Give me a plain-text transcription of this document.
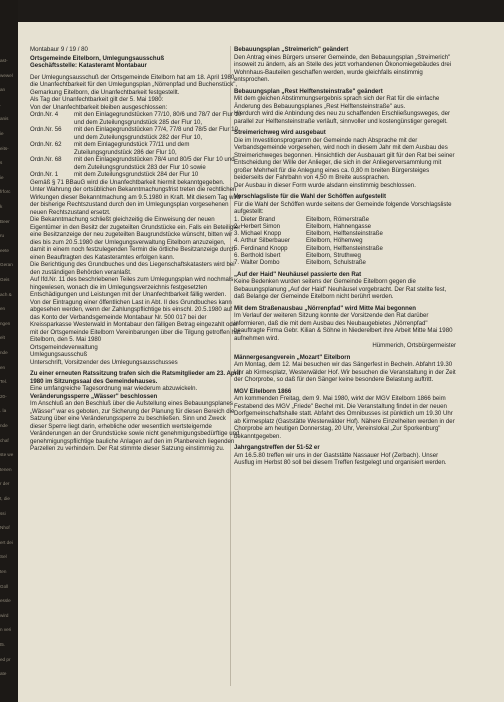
ast-
wewel
an
.
anis
ie
eits-
s
ie
frforc
k
Beer
ru
eete
Geran
Geis
ach &
en
ngen
elt
nde
en
Tel.
20-
. la
nde
chaf
ste we
tenen
r der
t, die
ssi
Nhof
ert dei
Sel
ten
Goll
essle
wird
n veri
t5.
ed pr
ate
Montabaur 9 / 19 / 80
Ortsgemeinde Eitelborn, Umlegungsausschuß
Geschäftsstelle: Katasteramt Montabaur

Der Umlegungsausschuß der Ortsgemeinde Eitelborn hat am 18. April 1980 die Unanfechtbarkeit für den Umlegungsplan „Nörrenpfad und Buchenstück", Gemarkung Eitelborn, die Unanfechtbarkeit festgestellt.

Als Tag der Unanfechtbarkeit gilt der 5. Mai 1980:

Von der Unanfechtbarkeit bleiben ausgeschlossen:

Ordn.Nr. 4	mit den Einlagegrundstücken 77/10, 80/6 und 78/7 der Flur 10 und dem Zuteilungsgrundstück 285 der Flur 10,

Ordn.Nr. 56 mit den Einlagegrundstücken 77/4, 77/8 und 78/5 der Flur 10 und dem Zuteilungsgrundstück 282 der Flur 10,

Ordn.Nr. 62 mit dem Einlagegrundstück 77/11 und dem Zuteilungsgrundstück 286 der Flur 10,

Ordn.Nr. 68 mit den Einlagegrundstücken 78/4 und 80/5 der Flur 10 und dem Zuteilungsgrundstück 283 der Flur 10 sowie

Ordn.Nr. 1	mit dem Zuteilungsgrundstück 284 der Flur 10

Gemäß § 71 BBauG wird die Unanfechtbarkeit hiermit bekanntgegeben.

Unter Wahrung der ortsüblichen Bekanntmachungsfrist treten die rechtlichen Wirkungen dieser Bekanntmachung am 9.5.1980 in Kraft. Mit diesem Tag wird der bisherige Rechtszustand durch den im Umlegungsplan vorgesehenen neuen Rechtszustand ersetzt.

Die Bekanntmachung schließt gleichzeitig die Einweisung der neuen Eigentümer in den Besitz der zugeteilten Grundstücke ein. Falls ein Beteiligter eine Besitzanzeige der neu zugeteilten Baugrundstücke wünscht, bitten wir dies bis zum 20.5.1980 der Umlegungsverwaltung Eitelborn anzuzeigen, damit in einem noch festzulegenden Termin die örtliche Besitzanzeige durch einen Beauftragten des Katasteramtes erfolgen kann.

Die Berichtigung des Grundbuches und des Liegenschaftskatasters wird bei den zuständigen Behörden veranlaßt.

Auf Ifd.Nr. 11 des beschriebenen Teiles zum Umlegungsplan wird nochmals hingewiesen, wonach die im Umlegungsverzeichnis festgesetzten Entschädigungen und Leistungen mit der Unanfechtbarkeit fällig werden.

Von der Eintragung einer öffentlichen Last in Abt. II des Grundbuches kann abgesehen werden, wenn der Zahlungspflichtige bis einschl. 20.5.1980 auf das Konto der Verbandsgemeinde Montabaur Nr. 500 017 bei der Kreissparkasse Westerwald in Montabaur den fälligen Betrag eingezahlt oder mit der Ortsgemeinde Eitelborn Vereinbarungen über die Tilgung getroffen hat.

Eitelborn, den 5. Mai 1980
Ortsgemeindeverwaltung
Umlegungsausschuß
Unterschrift, Vorsitzender des Umlegungsausschusses
Zu einer erneuten Ratssitzung trafen sich die Ratsmitglieder am 23. April 1980 im Sitzungssaal des Gemeindehauses.

Eine umfangreiche Tagesordnung war wiederum abzuwickeln.

Veränderungssperre „Wässer" beschlossen

Im Anschluß an den Beschluß über die Aufstellung eines Bebauungsplanes „Wässer" war es geboten, zur Sicherung der Planung für diesen Bereich die Satzung über eine Veränderungssperre zu beschließen. Sinn und Zweck dieser Sperre liegt darin, erhebliche oder wesentlich wertsteigernde Veränderungen an der Grundstücke sowie nicht genehmigungsbedürftige und genehmigungspflichtige bauliche Anlagen auf den im Planbereich liegenden Parzellen zu verhindern. Der Rat stimmte dieser Satzung einstimmig zu.

Bebauungsplan „Streimerich" geändert

Den Antrag eines Bürgers unserer Gemeinde, den Bebauungsplan „Streimerich" insoweit zu ändern, als an Stelle des jetzt vorhandenen Ökonomiegebäudes drei Wohnhaus-Bauteilen geschaffen werden, wurde gleichfalls einstimmig entsprochen.

Bebauungsplan „Rest Helftensteinstraße" geändert

Mit dem gleichen Abstimmungsergebnis sprach sich der Rat für die einfache Änderung des Bebauungsplanes „Rest Helftensteinstraße" aus.

Hierdurch wird die Anbindung des neu zu schaffenden Erschließungsweges, der parallel zur Helftensteinstraße verläuft, sinnvoller und kostengünstiger geregelt.

Streimerichweg wird ausgebaut

Die im Investitionsprogramm der Gemeinde nach Absprache mit der Verbandsgemeinde vorgesehen, wird noch in diesem Jahr mit dem Ausbau des Streimerichweges begonnen. Hinsichtlich der Ausbauart gilt für den Rat bei seiner Entscheidung der Wille der Anlieger, die sich in der Anliegerversammlung mit großer Mehrheit für die Anlegung eines ca. 0,80 m breiten Bürgersteiges beiderseits der Fahrbahn von 4,50 m Breite aussprachen.

Der Ausbau in dieser Form wurde alsdann einstimmig beschlossen.

Vorschlagsliste für die Wahl der Schöffen aufgestellt

Für die Wahl der Schöffen wurde seitens der Gemeinde folgende Vorschlagsliste aufgestellt:

1. Dieter Brand	Eitelborn, Römerstraße
2. Herbert Simon	Eitelborn, Hahnengasse
3. Michael Knopp	Eitelborn, Helftensteinstraße
4. Arthur Silberbauer	Eitelborn, Höhenweg
5. Ferdinand Knopp	Eitelborn, Helftensteinstraße
6. Berthold Isbert	Eitelborn, Struthweg
7. Walter Dombo	Eitelborn, Schulstraße
„Auf der Haid" Neuhäusel passierte den Rat

Keine Bedenken wurden seitens der Gemeinde Eitelborn gegen die Bebauungsplanung „Auf der Haid" Neuhäusel vorgebracht. Der Rat stellte fest, daß Belange der Gemeinde Eitelborn nicht berührt werden.

Mit dem Straßenausbau „Nörrenpfad" wird Mitte Mai begonnen

Im Verlauf der weiteren Sitzung konnte der Vorsitzende den Rat darüber informieren, daß die mit dem Ausbau des Neubaugebietes „Nörrenpfad" beauftragte Firma Gebr. Kilian & Söhne in Niederelbert ihre Arbeit Mitte Mai 1980 aufnehmen wird.

Hümmerich, Ortsbürgermeister
Männergesangverein „Mozart" Eitelborn

Am Montag, dem 12. Mai besuchen wir das Sängerfest in Becheln. Abfahrt 19.30 Uhr ab Kirmesplatz, Westerwälder Hof. Wir besuchen die Veranstaltung in der Zeit der Chorprobe, so daß für den Sänger keine besondere Belastung auftritt.

MGV Eitelborn 1866

Am kommenden Freitag, dem 9. Mai 1980, wirkt der MGV Eitelborn 1866 beim Festabend des MGV „Friede" Bechel mit. Die Veranstaltung findet in der neuen Dorfgemeinschaftshalle statt. Abfahrt des Omnibusses ist pünktlich um 19.30 Uhr ab Kirmesplatz (Gaststätte Westerwälder Hof). Nähere Einzelheiten werden in der Chorprobe am heutigen Donnerstag, 20 Uhr, Vereinslokal „Zur Sporkenburg" bekanntgegeben.

Jahrgangstreffen der 51-52 er

Am 16.5.80 treffen wir uns in der Gaststätte Nassauer Hof (Zerbach). Unser Ausflug im Herbst 80 soll bei diesem Treffen festgelegt und organisiert werden.
